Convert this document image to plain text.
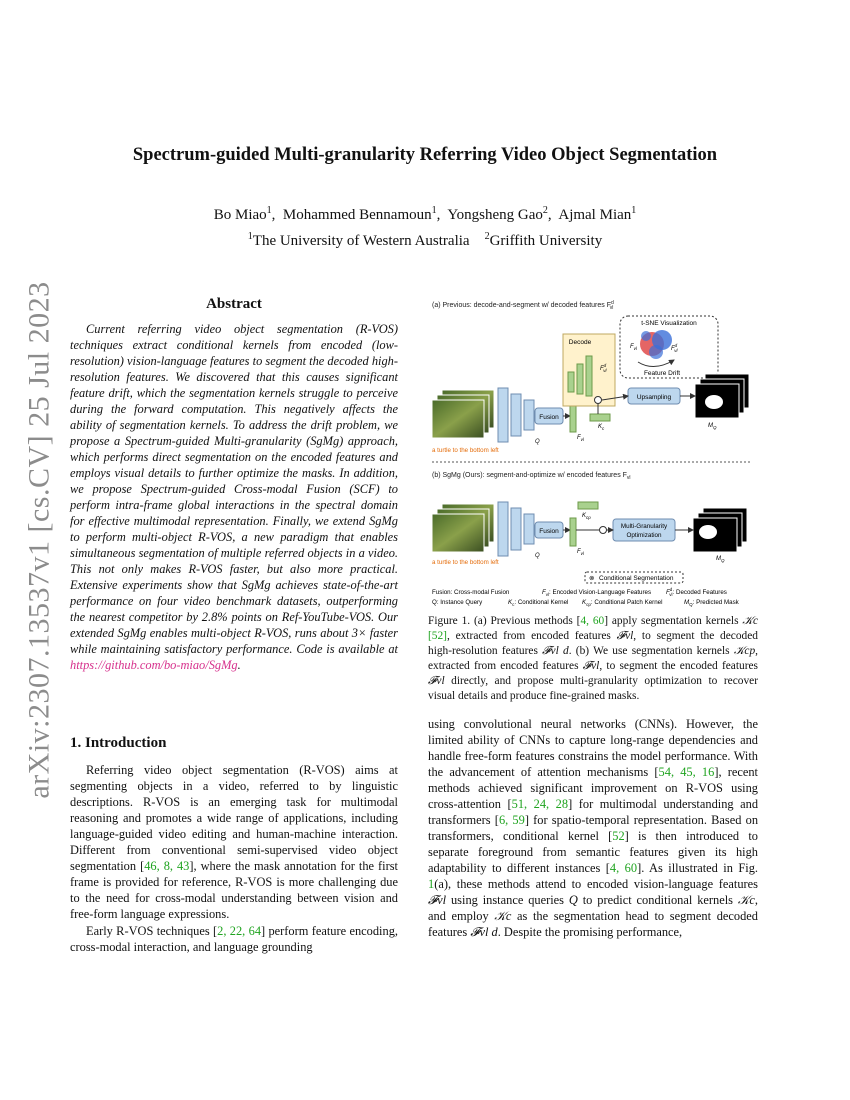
arXiv:2307.13537v1 [cs.CV] 25 Jul 2023
Spectrum-guided Multi-granularity Referring Video Object Segmentation
Bo Miao$^1$,  Mohammed Bennamoun$^1$,  Yongsheng Gao$^2$,  Ajmal Mian$^1$
$^1$The University of Western Australia $^2$Griffith University
Abstract

Current referring video object segmentation (R-VOS) techniques extract conditional kernels from encoded (low-resolution) vision-language features to segment the decoded high-resolution features. We discovered that this causes significant feature drift, which the segmentation kernels struggle to perceive during the forward computation. This negatively affects the ability of segmentation kernels. To address the drift problem, we propose a Spectrum-guided Multi-granularity (SgMg) approach, which performs direct segmentation on the encoded features and employs visual details to further optimize the masks. In addition, we propose Spectrum-guided Cross-modal Fusion (SCF) to perform intra-frame global interactions in the spectral domain for effective multimodal representation. Finally, we extend SgMg to perform multi-object R-VOS, a new paradigm that enables simultaneous segmentation of multiple referred objects in a video. This not only makes R-VOS faster, but also more practical. Extensive experiments show that SgMg achieves state-of-the-art performance on four video benchmark datasets, outperforming the nearest competitor by 2.8% points on Ref-YouTube-VOS. Our extended SgMg enables multi-object R-VOS, runs about 3× faster while maintaining satisfactory performance. Code is available at https://github.com/bo-miao/SgMg.

1. Introduction

Referring video object segmentation (R-VOS) aims at segmenting objects in a video, referred to by linguistic descriptions. R-VOS is an emerging task for multimodal reasoning and promotes a wide range of applications, including language-guided video editing and human-machine interaction. Different from conventional semi-supervised video object segmentation [46, 8, 43], where the mask annotation for the first frame is provided for reference, R-VOS is more challenging due to the need for cross-modal understanding between vision and free-form language expressions.

Early R-VOS techniques [2, 22, 64] perform feature encoding, cross-modal interaction, and language grounding

(a) Previous: decode-and-segment w/ decoded features $F^d$ vl
t-SNE Visualization
$F_{vl}$	$F^d$ vl
Feature Drift
a turtle to the bottom left
Fusion
Q
$F_{vl}$
Decode
$F^d$ vl
$K_c$
Upsampling
$M_Q$
(b) SgMg (Ours): segment-and-optimize w/ encoded features $F_{vl}$
a turtle to the bottom left
Fusion
Q
$F_{vl}$
$K_{cp}$
Multi-Granularity
Optimization
$M_Q$
⊗ Conditional Segmentation
Fusion: Cross-modal Fusion	$F_{vl}$: Encoded Vision-Language Features $F^d$ vl: Decoded Features
Q: Instance Query	$K_c$: Conditional Kernel $K_{cp}$: Conditional Patch Kernel	$M_Q$: Predicted Mask

Figure 1. (a) Previous methods [4, 60] apply segmentation kernels 𝒦c [52], extracted from encoded features 𝓕vl, to segment the decoded high-resolution features 𝓕vl d. (b) We use segmentation kernels 𝒦cp, extracted from encoded features 𝓕vl, to segment the encoded features 𝓕vl directly, and propose multi-granularity optimization to recover visual details and produce fine-grained masks.

using convolutional neural networks (CNNs). However, the limited ability of CNNs to capture long-range dependencies and handle free-form features constrains the model performance. With the advancement of attention mechanisms [54, 45, 16], recent methods achieved significant improvement on R-VOS using cross-attention [51, 24, 28] for multimodal understanding and transformers [6, 59] for spatio-temporal representation. Based on transformers, conditional kernel [52] is then introduced to separate foreground from semantic features given its high adaptability to different instances [4, 60]. As illustrated in Fig. 1(a), these methods attend to encoded vision-language features 𝓕vl using instance queries Q to predict conditional kernels 𝒦c, and employ 𝒦c as the segmentation head to segment decoded features 𝓕vl d. Despite the promising performance,
